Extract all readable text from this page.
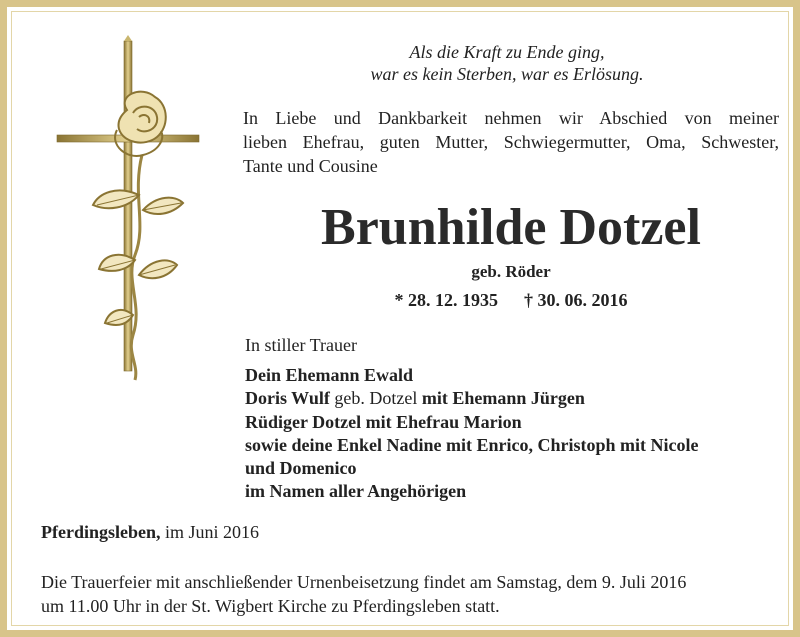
Als die Kraft zu Ende ging,
war es kein Sterben, war es Erlösung.
In Liebe und Dankbarkeit nehmen wir Abschied von meiner
lieben Ehefrau, guten Mutter, Schwiegermutter, Oma, Schwester,
Tante und Cousine
Brunhilde Dotzel
geb. Röder
* 28. 12. 1935 † 30. 06. 2016
In stiller Trauer
Dein Ehemann Ewald
Doris Wulf geb. Dotzel mit Ehemann Jürgen
Rüdiger Dotzel mit Ehefrau Marion
sowie deine Enkel Nadine mit Enrico, Christoph mit Nicole
und Domenico
im Namen aller Angehörigen
Pferdingsleben, im Juni 2016
Die Trauerfeier mit anschließender Urnenbeisetzung findet am Samstag, dem 9. Juli 2016
um 11.00 Uhr in der St. Wigbert Kirche zu Pferdingsleben statt.
